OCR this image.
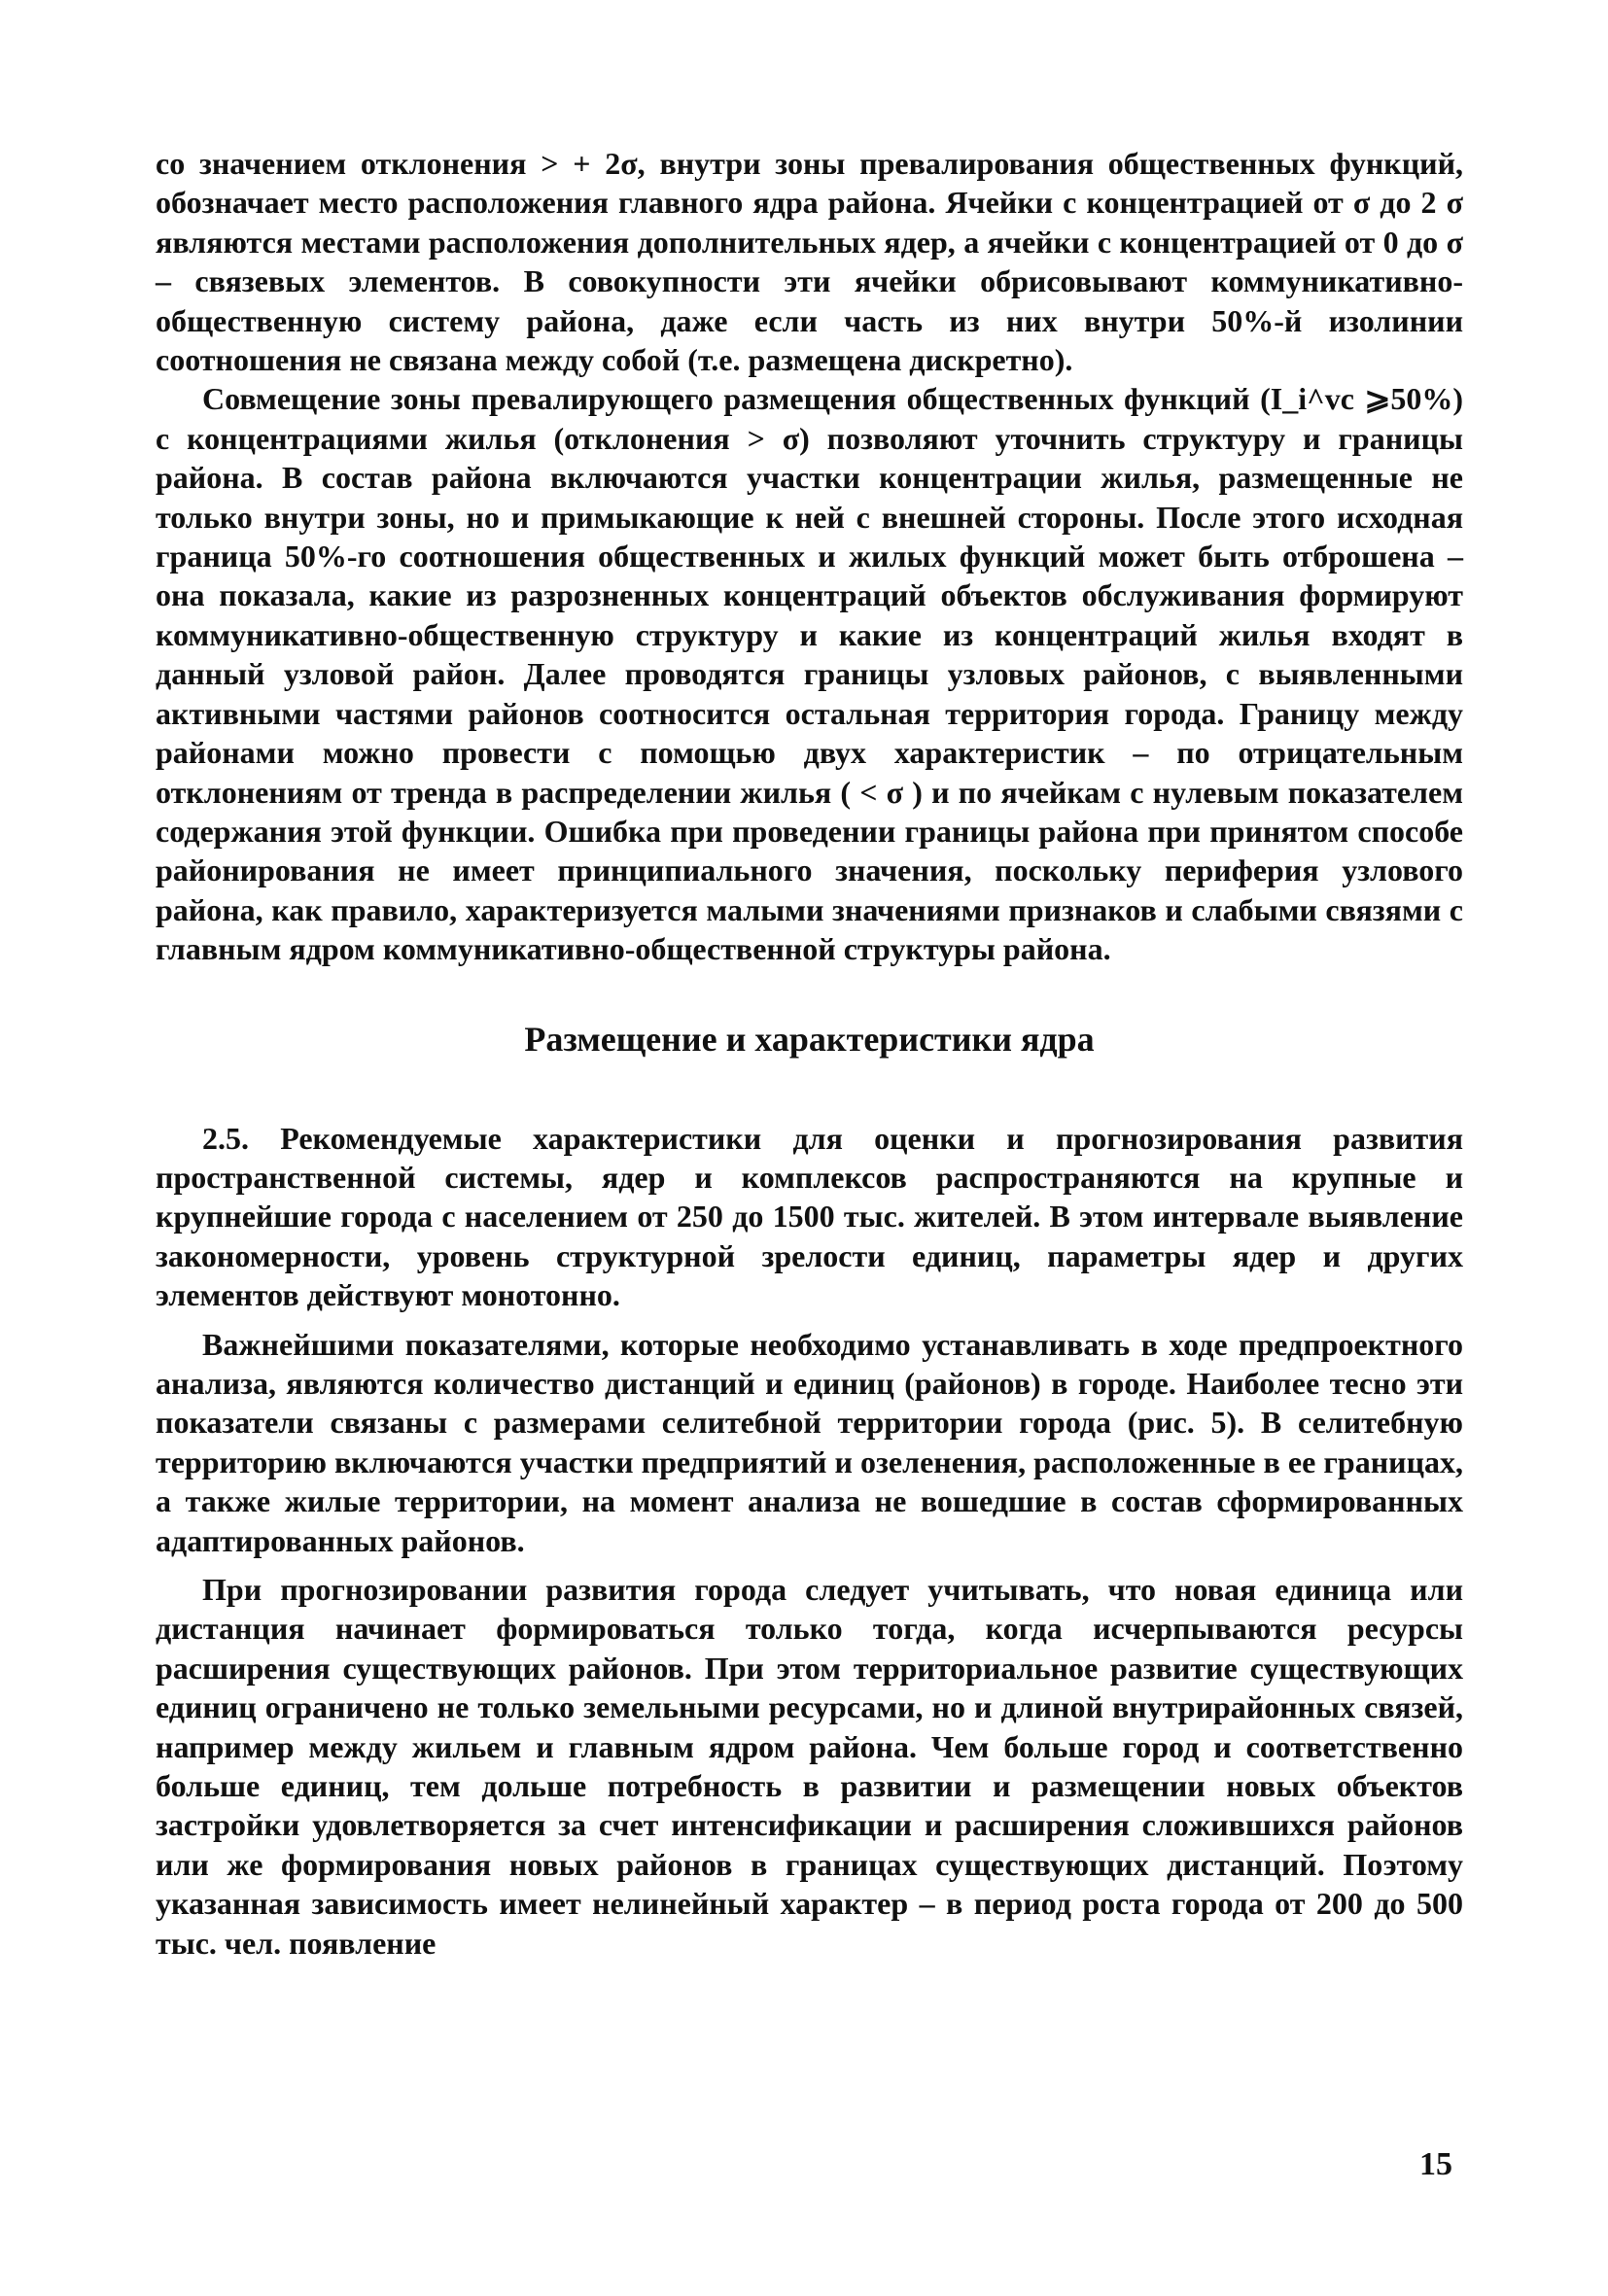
со значением отклонения > + 2σ, внутри зоны превалирования общественных функций, обозначает место расположения главного ядра района. Ячейки с концентрацией от σ до 2 σ являются местами расположения дополнительных ядер, а ячейки с концентрацией от 0 до σ – связевых элементов. В совокупности эти ячейки обрисовывают коммуникативно-общественную систему района, даже если часть из них внутри 50%-й изолинии соотношения не связана между собой (т.е. размещена дискретно).

Совмещение зоны превалирующего размещения общественных функций (I_i^vc ⩾50%) с концентрациями жилья (отклонения > σ) позволяют уточнить структуру и границы района. В состав района включаются участки концентрации жилья, размещенные не только внутри зоны, но и примыкающие к ней с внешней стороны. После этого исходная граница 50%-го соотношения общественных и жилых функций может быть отброшена – она показала, какие из разрозненных концентраций объектов обслуживания формируют коммуникативно-общественную структуру и какие из концентраций жилья входят в данный узловой район. Далее проводятся границы узловых районов, с выявленными активными частями районов соотносится остальная территория города. Границу между районами можно провести с помощью двух характеристик – по отрицательным отклонениям от тренда в распределении жилья ( < σ ) и по ячейкам с нулевым показателем содержания этой функции. Ошибка при проведении границы района при принятом способе районирования не имеет принципиального значения, поскольку периферия узлового района, как правило, характеризуется малыми значениями признаков и слабыми связями с главным ядром коммуникативно-общественной структуры района.

Размещение и характеристики ядра

2.5. Рекомендуемые характеристики для оценки и прогнозирования развития пространственной системы, ядер и комплексов распространяются на крупные и крупнейшие города с населением от 250 до 1500 тыс. жителей. В этом интервале выявление закономерности, уровень структурной зрелости единиц, параметры ядер и других элементов действуют монотонно.

Важнейшими показателями, которые необходимо устанавливать в ходе предпроектного анализа, являются количество дистанций и единиц (районов) в городе. Наиболее тесно эти показатели связаны с размерами селитебной территории города (рис. 5). В селитебную территорию включаются участки предприятий и озеленения, расположенные в ее границах, а также жилые территории, на момент анализа не вошедшие в состав сформированных адаптированных районов.

При прогнозировании развития города следует учитывать, что новая единица или дистанция начинает формироваться только тогда, когда исчерпываются ресурсы расширения существующих районов. При этом территориальное развитие существующих единиц ограничено не только земельными ресурсами, но и длиной внутрирайонных связей, например между жильем и главным ядром района. Чем больше город и соответственно больше единиц, тем дольше потребность в развитии и размещении новых объектов застройки удовлетворяется за счет интенсификации и расширения сложившихся районов или же формирования новых районов в границах существующих дистанций. Поэтому указанная зависимость имеет нелинейный характер – в период роста города от 200 до 500 тыс. чел. появление

15
